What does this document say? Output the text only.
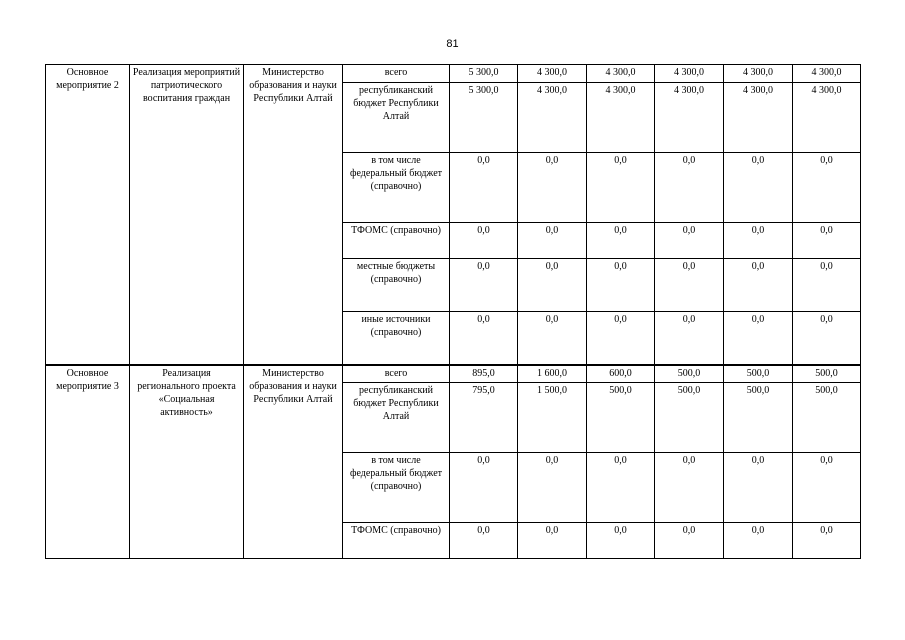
81
Основное мероприятие 2	Реализация мероприятий патриотического воспитания граждан	Министерство образования и науки Республики Алтай	всего	5 300,0	4 300,0	4 300,0	4 300,0	4 300,0	4 300,0
			республиканский бюджет Республики Алтай	5 300,0	4 300,0	4 300,0	4 300,0	4 300,0	4 300,0
			в том числе федеральный бюджет (справочно)	0,0	0,0	0,0	0,0	0,0	0,0
			ТФОМС (справочно)	0,0	0,0	0,0	0,0	0,0	0,0
			местные бюджеты (справочно)	0,0	0,0	0,0	0,0	0,0	0,0
			иные источники (справочно)	0,0	0,0	0,0	0,0	0,0	0,0
Основное мероприятие 3	Реализация регионального проекта «Социальная активность»	Министерство образования и науки Республики Алтай	всего	895,0	1 600,0	600,0	500,0	500,0	500,0
			республиканский бюджет Республики Алтай	795,0	1 500,0	500,0	500,0	500,0	500,0
			в том числе федеральный бюджет (справочно)	0,0	0,0	0,0	0,0	0,0	0,0
			ТФОМС (справочно)	0,0	0,0	0,0	0,0	0,0	0,0
